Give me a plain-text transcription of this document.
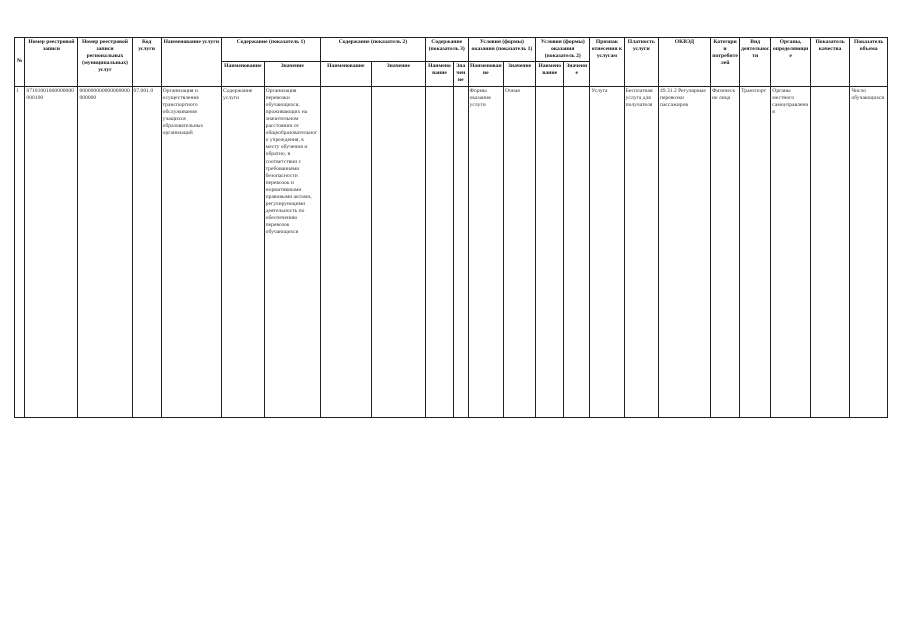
№	Номер реестровой записи	Номер реестровой записи региональных (муниципальных) услуг	Код услуги	Наименование услуги	Содержание (показатель 1)		Содержание (показатель 2)		Содержание (показатель 3)		Условия (формы) оказания (показатель 1)		Условия (формы) оказания (показатель 2)		Признак отнесения к услугам	Платность услуги	ОКВЭД	Категории потребителей	Вид деятельности	Органы, определяющие	Показатель качества	Показатель объема
					Наименование	Значение	Наименование	Значение	Наименование	Значение	Наименование	Значение	Наименование	Значение								
1	87101001000000000000100	000000000000000000000000	07.001.0	Организация и осуществление транспортного обслуживания учащихся образовательных организаций	Содержание услуги	Организация перевозки обучающихся, проживающих на значительном расстоянии от общеобразовательного учреждения, к месту обучения и обратно, в соответствии с требованиями безопасности перевозок и нормативными правовыми актами, регулирующими деятельность по обеспечению перевозок обучающихся					Формы оказания услуги	Очная			Услуга	Бесплатная услуга для получателя	49.31.2 Регулярные перевозки пассажиров	Физические лица	Транспорт	Органы местного самоуправления		Число обучающихся
